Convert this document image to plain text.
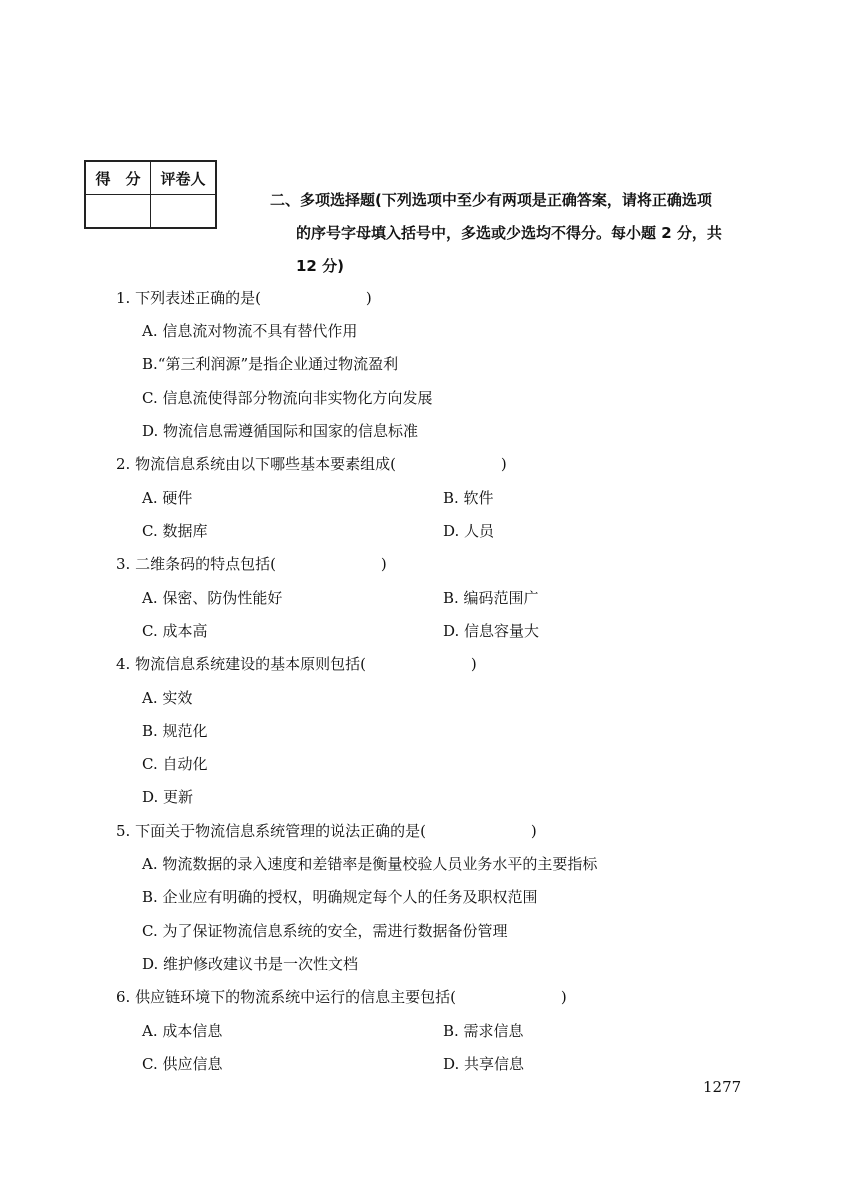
得　分	评卷人

二、多项选择题(下列选项中至少有两项是正确答案，请将正确选项
的序号字母填入括号中，多选或少选均不得分。每小题 2 分，共
12 分)
1. 下列表述正确的是(　　　　　　　)
A. 信息流对物流不具有替代作用
B.“第三利润源”是指企业通过物流盈利
C. 信息流使得部分物流向非实物化方向发展
D. 物流信息需遵循国际和国家的信息标准
2. 物流信息系统由以下哪些基本要素组成(　　　　　　　)
A. 硬件	B. 软件
C. 数据库	D. 人员
3. 二维条码的特点包括(　　　　　　　)
A. 保密、防伪性能好	B. 编码范围广
C. 成本高	D. 信息容量大
4. 物流信息系统建设的基本原则包括(　　　　　　　)
A. 实效
B. 规范化
C. 自动化
D. 更新
5. 下面关于物流信息系统管理的说法正确的是(　　　　　　　)
A. 物流数据的录入速度和差错率是衡量校验人员业务水平的主要指标
B. 企业应有明确的授权，明确规定每个人的任务及职权范围
C. 为了保证物流信息系统的安全，需进行数据备份管理
D. 维护修改建议书是一次性文档
6. 供应链环境下的物流系统中运行的信息主要包括(　　　　　　　)
A. 成本信息	B. 需求信息
C. 供应信息	D. 共享信息
1277
